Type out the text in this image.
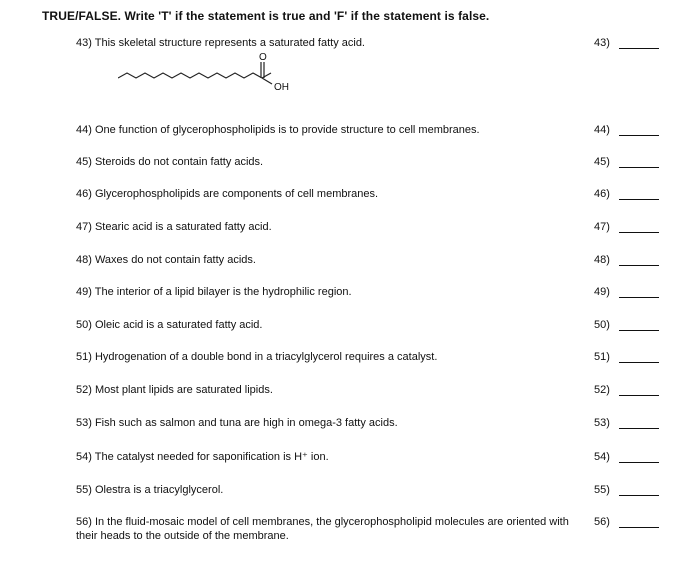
TRUE/FALSE. Write 'T' if the statement is true and 'F' if the statement is false.
43) This skeletal structure represents a saturated fatty acid.	43)
O
OH
44) One function of glycerophospholipids is to provide structure to cell membranes.	44)
45) Steroids do not contain fatty acids.	45)
46) Glycerophospholipids are components of cell membranes.	46)
47) Stearic acid is a saturated fatty acid.	47)
48) Waxes do not contain fatty acids.	48)
49) The interior of a lipid bilayer is the hydrophilic region.	49)
50) Oleic acid is a saturated fatty acid.	50)
51) Hydrogenation of a double bond in a triacylglycerol requires a catalyst.	51)
52) Most plant lipids are saturated lipids.	52)
53) Fish such as salmon and tuna are high in omega-3 fatty acids.	53)
54) The catalyst needed for saponification is H⁺ ion.	54)
55) Olestra is a triacylglycerol.	55)
56) In the fluid-mosaic model of cell membranes, the glycerophospholipid molecules are oriented with their heads to the outside of the membrane.
56)
